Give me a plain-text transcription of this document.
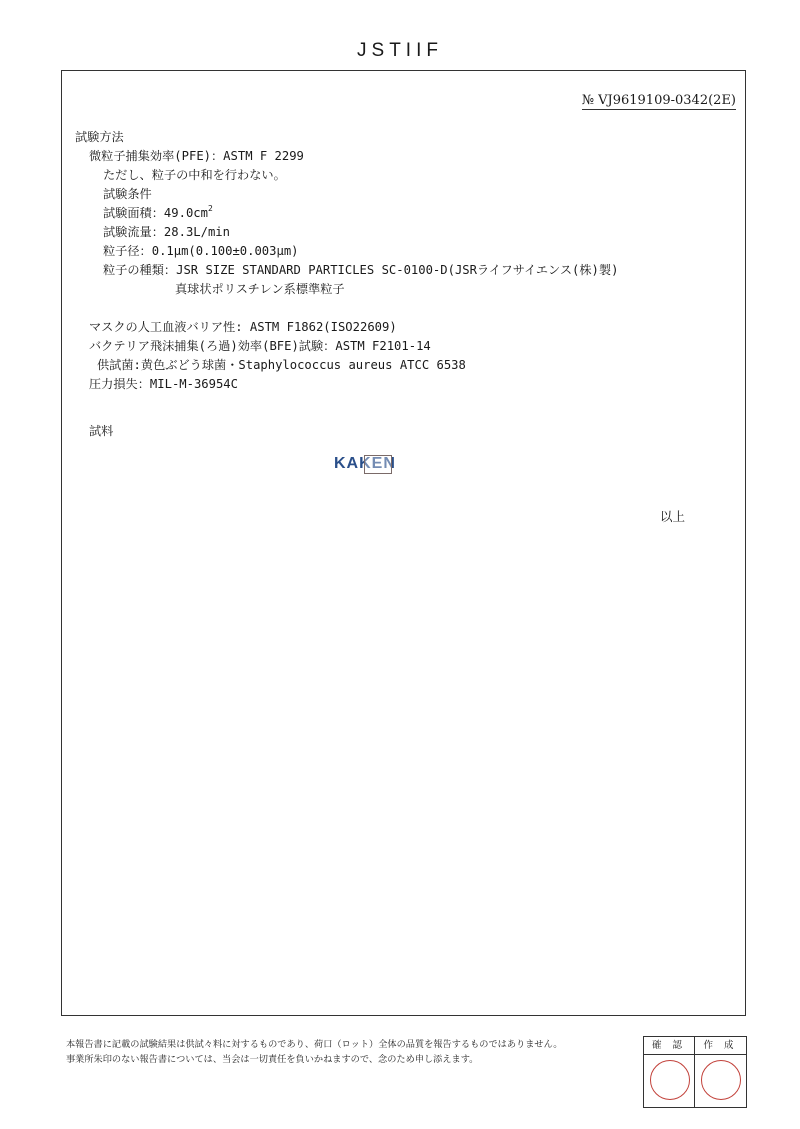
JSTIIF
№ VJ9619109-0342(2E)
試験方法
微粒子捕集効率(PFE)：ASTM F 2299
ただし、粒子の中和を行わない。
試験条件
試験面積：$49.0cm^2$
試験流量：28.3L/min
粒子径：0.1μm(0.100±0.003μm)
粒子の種類：JSR SIZE STANDARD PARTICLES SC-0100-D(JSRライフサイエンス(株)製)
真球状ポリスチレン系標準粒子
マスクの人工血液バリア性: ASTM F1862(ISO22609)
バクテリア飛沫捕集(ろ過)効率(BFE)試験：ASTM F2101-14
供試菌:黄色ぶどう球菌・Staphylococcus aureus ATCC 6538
圧力損失：MIL-M-36954C
試料
KAKEN
以上
本報告書に記載の試験結果は供試々料に対するものであり、荷口（ロット）全体の品質を報告するものではありません。
事業所朱印のない報告書については、当会は一切責任を負いかねますので、念のため申し添えます。
確 認	作 成
